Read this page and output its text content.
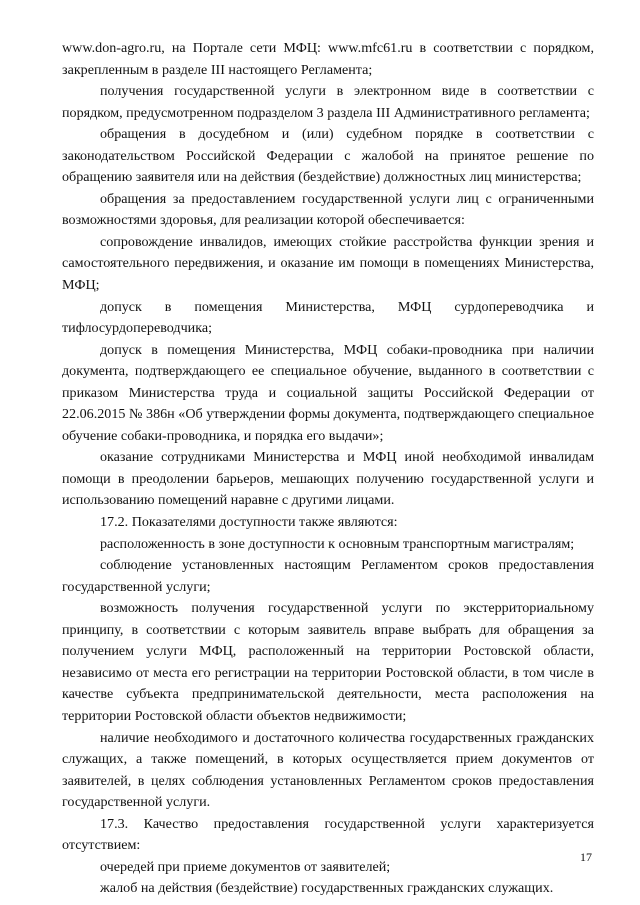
www.don-agro.ru, на Портале сети МФЦ: www.mfc61.ru в соответствии с порядком, закрепленным в разделе III настоящего Регламента;

получения государственной услуги в электронном виде в соответствии с порядком, предусмотренном подразделом 3 раздела III Административного регламента;

обращения в досудебном и (или) судебном порядке в соответствии с законодательством Российской Федерации с жалобой на принятое решение по обращению заявителя или на действия (бездействие) должностных лиц министерства;

обращения за предоставлением государственной услуги лиц с ограниченными возможностями здоровья, для реализации которой обеспечивается:

сопровождение инвалидов, имеющих стойкие расстройства функции зрения и самостоятельного передвижения, и оказание им помощи в помещениях Министерства, МФЦ;

допуск в помещения Министерства, МФЦ сурдопереводчика и тифлосурдопереводчика;

допуск в помещения Министерства, МФЦ собаки-проводника при наличии документа, подтверждающего ее специальное обучение, выданного в соответствии с приказом Министерства труда и социальной защиты Российской Федерации от 22.06.2015 № 386н «Об утверждении формы документа, подтверждающего специальное обучение собаки-проводника, и порядка его выдачи»;

оказание сотрудниками Министерства и МФЦ иной необходимой инвалидам помощи в преодолении барьеров, мешающих получению государственной услуги и использованию помещений наравне с другими лицами.

17.2. Показателями доступности также являются:

расположенность в зоне доступности к основным транспортным магистралям;

соблюдение установленных настоящим Регламентом сроков предоставления государственной услуги;

возможность получения государственной услуги по экстерриториальному принципу, в соответствии с которым заявитель вправе выбрать для обращения за получением услуги МФЦ, расположенный на территории Ростовской области, независимо от места его регистрации на территории Ростовской области, в том числе в качестве субъекта предпринимательской деятельности, места расположения на территории Ростовской области объектов недвижимости;

наличие необходимого и достаточного количества государственных гражданских служащих, а также помещений, в которых осуществляется прием документов от заявителей, в целях соблюдения установленных Регламентом сроков предоставления государственной услуги.

17.3. Качество предоставления государственной услуги характеризуется отсутствием:

очередей при приеме документов от заявителей;

жалоб на действия (бездействие) государственных гражданских служащих.

17
